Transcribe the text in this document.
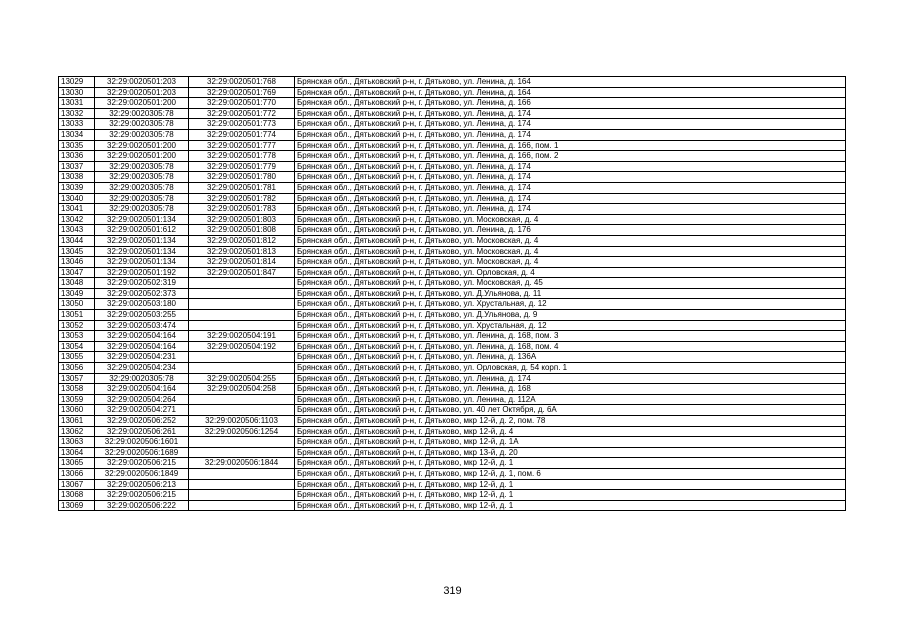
13029	32:29:0020501:203	32:29:0020501:768	Брянская обл., Дятьковский р-н, г. Дятьково, ул. Ленина, д. 164
13030	32:29:0020501:203	32:29:0020501:769	Брянская обл., Дятьковский р-н, г. Дятьково, ул. Ленина, д. 164
13031	32:29:0020501:200	32:29:0020501:770	Брянская обл., Дятьковский р-н, г. Дятьково, ул. Ленина, д. 166
13032	32:29:0020305:78	32:29:0020501:772	Брянская обл., Дятьковский р-н, г. Дятьково, ул. Ленина, д. 174
13033	32:29:0020305:78	32:29:0020501:773	Брянская обл., Дятьковский р-н, г. Дятьково, ул. Ленина, д. 174
13034	32:29:0020305:78	32:29:0020501:774	Брянская обл., Дятьковский р-н, г. Дятьково, ул. Ленина, д. 174
13035	32:29:0020501:200	32:29:0020501:777	Брянская обл., Дятьковский р-н, г. Дятьково, ул. Ленина, д. 166, пом. 1
13036	32:29:0020501:200	32:29:0020501:778	Брянская обл., Дятьковский р-н, г. Дятьково, ул. Ленина, д. 166, пом. 2
13037	32:29:0020305:78	32:29:0020501:779	Брянская обл., Дятьковский р-н, г. Дятьково, ул. Ленина, д. 174
13038	32:29:0020305:78	32:29:0020501:780	Брянская обл., Дятьковский р-н, г. Дятьково, ул. Ленина, д. 174
13039	32:29:0020305:78	32:29:0020501:781	Брянская обл., Дятьковский р-н, г. Дятьково, ул. Ленина, д. 174
13040	32:29:0020305:78	32:29:0020501:782	Брянская обл., Дятьковский р-н, г. Дятьково, ул. Ленина, д. 174
13041	32:29:0020305:78	32:29:0020501:783	Брянская обл., Дятьковский р-н, г. Дятьково, ул. Ленина, д. 174
13042	32:29:0020501:134	32:29:0020501:803	Брянская обл., Дятьковский р-н, г. Дятьково, ул. Московская, д. 4
13043	32:29:0020501:612	32:29:0020501:808	Брянская обл., Дятьковский р-н, г. Дятьково, ул. Ленина, д. 176
13044	32:29:0020501:134	32:29:0020501:812	Брянская обл., Дятьковский р-н, г. Дятьково, ул. Московская, д. 4
13045	32:29:0020501:134	32:29:0020501:813	Брянская обл., Дятьковский р-н, г. Дятьково, ул. Московская, д. 4
13046	32:29:0020501:134	32:29:0020501:814	Брянская обл., Дятьковский р-н, г. Дятьково, ул. Московская, д. 4
13047	32:29:0020501:192	32:29:0020501:847	Брянская обл., Дятьковский р-н, г. Дятьково, ул. Орловская, д. 4
13048	32:29:0020502:319		Брянская обл., Дятьковский р-н, г. Дятьково, ул. Московская, д. 45
13049	32:29:0020502:373		Брянская обл., Дятьковский р-н, г. Дятьково, ул. Д.Ульянова, д. 11
13050	32:29:0020503:180		Брянская обл., Дятьковский р-н, г. Дятьково, ул. Хрустальная, д. 12
13051	32:29:0020503:255		Брянская обл., Дятьковский р-н, г. Дятьково, ул. Д.Ульянова, д. 9
13052	32:29:0020503:474		Брянская обл., Дятьковский р-н, г. Дятьково, ул. Хрустальная, д. 12
13053	32:29:0020504:164	32:29:0020504:191	Брянская обл., Дятьковский р-н, г. Дятьково, ул. Ленина, д. 168, пом. 3
13054	32:29:0020504:164	32:29:0020504:192	Брянская обл., Дятьковский р-н, г. Дятьково, ул. Ленина, д. 168, пом. 4
13055	32:29:0020504:231		Брянская обл., Дятьковский р-н, г. Дятьково, ул. Ленина, д. 136А
13056	32:29:0020504:234		Брянская обл., Дятьковский р-н, г. Дятьково, ул. Орловская, д. 54 корп. 1
13057	32:29:0020305:78	32:29:0020504:255	Брянская обл., Дятьковский р-н, г. Дятьково, ул. Ленина, д. 174
13058	32:29:0020504:164	32:29:0020504:258	Брянская обл., Дятьковский р-н, г. Дятьково, ул. Ленина, д. 168
13059	32:29:0020504:264		Брянская обл., Дятьковский р-н, г. Дятьково, ул. Ленина, д. 112А
13060	32:29:0020504:271		Брянская обл., Дятьковский р-н, г. Дятьково, ул. 40 лет Октября, д. 6А
13061	32:29:0020506:252	32:29:0020506:1103	Брянская обл., Дятьковский р-н, г. Дятьково, мкр 12-й, д. 2, пом. 78
13062	32:29:0020506:261	32:29:0020506:1254	Брянская обл., Дятьковский р-н, г. Дятьково, мкр 12-й, д. 4
13063	32:29:0020506:1601		Брянская обл., Дятьковский р-н, г. Дятьково, мкр 12-й, д. 1А
13064	32:29:0020506:1689		Брянская обл., Дятьковский р-н, г. Дятьково, мкр 13-й, д. 20
13065	32:29:0020506:215	32:29:0020506:1844	Брянская обл., Дятьковский р-н, г. Дятьково, мкр 12-й, д. 1
13066	32:29:0020506:1849		Брянская обл., Дятьковский р-н, г. Дятьково, мкр 12-й, д. 1, пом. 6
13067	32:29:0020506:213		Брянская обл., Дятьковский р-н, г. Дятьково, мкр 12-й, д. 1
13068	32:29:0020506:215		Брянская обл., Дятьковский р-н, г. Дятьково, мкр 12-й, д. 1
13069	32:29:0020506:222		Брянская обл., Дятьковский р-н, г. Дятьково, мкр 12-й, д. 1
319
